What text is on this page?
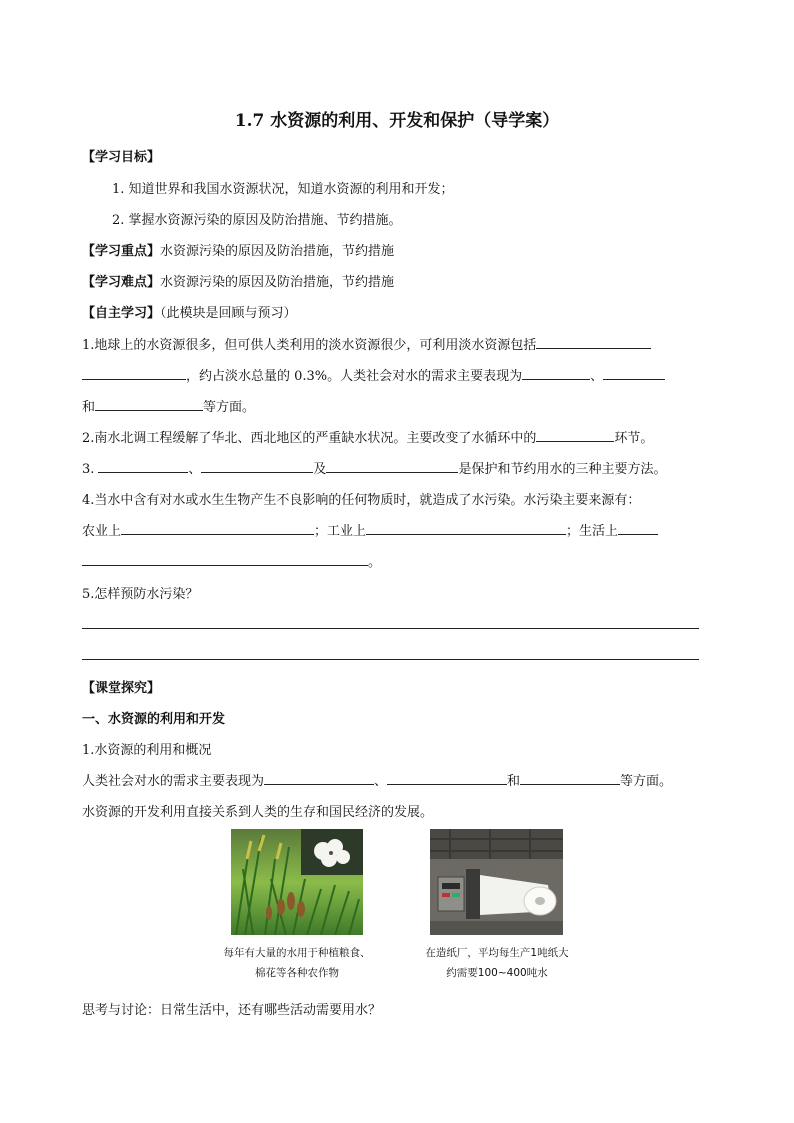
1.7 水资源的利用、开发和保护（导学案）
【学习目标】
1. 知道世界和我国水资源状况，知道水资源的利用和开发；
2. 掌握水资源污染的原因及防治措施、节约措施。
【学习重点】水资源污染的原因及防治措施，节约措施
【学习难点】水资源污染的原因及防治措施，节约措施
【自主学习】（此模块是回顾与预习）
1.地球上的水资源很多，但可供人类利用的淡水资源很少，可利用淡水资源包括
，约占淡水总量的 0.3%。人类社会对水的需求主要表现为	、
和	等方面。
2.南水北调工程缓解了华北、西北地区的严重缺水状况。主要改变了水循环中的	环节。
3.	、	及	是保护和节约用水的三种主要方法。
4.当水中含有对水或水生生物产生不良影响的任何物质时，就造成了水污染。水污染主要来源有：
农业上	；工业上	；生活上
。
5.怎样预防水污染？
【课堂探究】
一、水资源的利用和开发
1.水资源的利用和概况
人类社会对水的需求主要表现为	、	和	等方面。
水资源的开发利用直接关系到人类的生存和国民经济的发展。
每年有大量的水用于种植粮食、
棉花等各种农作物
在造纸厂，平均每生产1吨纸大
约需要100~400吨水
思考与讨论：日常生活中，还有哪些活动需要用水？
